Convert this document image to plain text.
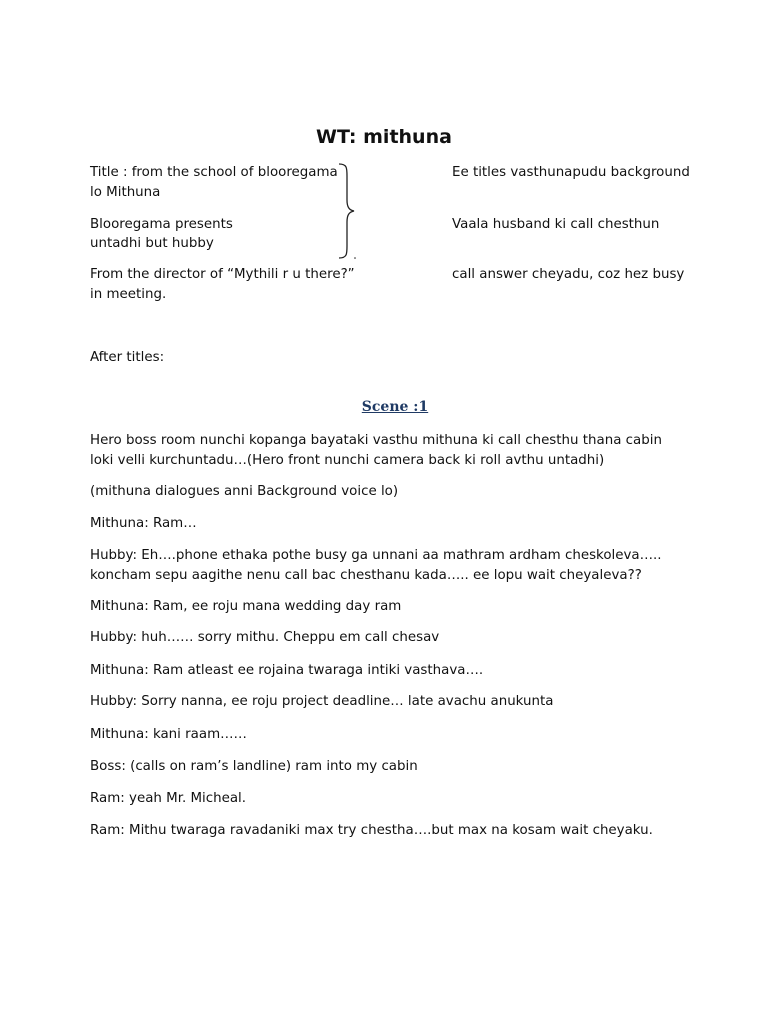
WT: mithuna
Title : from the school of blooregama
lo Mithuna
Ee titles vasthunapudu background
Blooregama presents
untadhi but hubby
Vaala husband ki call chesthun
From the director of “Mythili r u there?”
in meeting.
call answer cheyadu, coz hez busy
After titles:
Scene :1
Hero boss room nunchi kopanga bayataki vasthu mithuna ki call chesthu thana cabin
loki velli kurchuntadu…(Hero front nunchi camera back ki roll avthu untadhi)
(mithuna dialogues anni Background voice lo)
Mithuna: Ram…
Hubby: Eh….phone ethaka pothe busy ga unnani aa mathram ardham cheskoleva…..
koncham sepu aagithe nenu call bac chesthanu kada….. ee lopu wait cheyaleva??
Mithuna: Ram, ee roju mana wedding day ram
Hubby: huh…… sorry mithu. Cheppu em call chesav
Mithuna: Ram atleast ee rojaina twaraga intiki vasthava….
Hubby: Sorry nanna, ee roju project deadline… late avachu anukunta
Mithuna: kani raam……
Boss: (calls on ram’s landline) ram into my cabin
Ram: yeah Mr. Micheal.
Ram: Mithu twaraga ravadaniki max try chestha….but max na kosam wait cheyaku.
